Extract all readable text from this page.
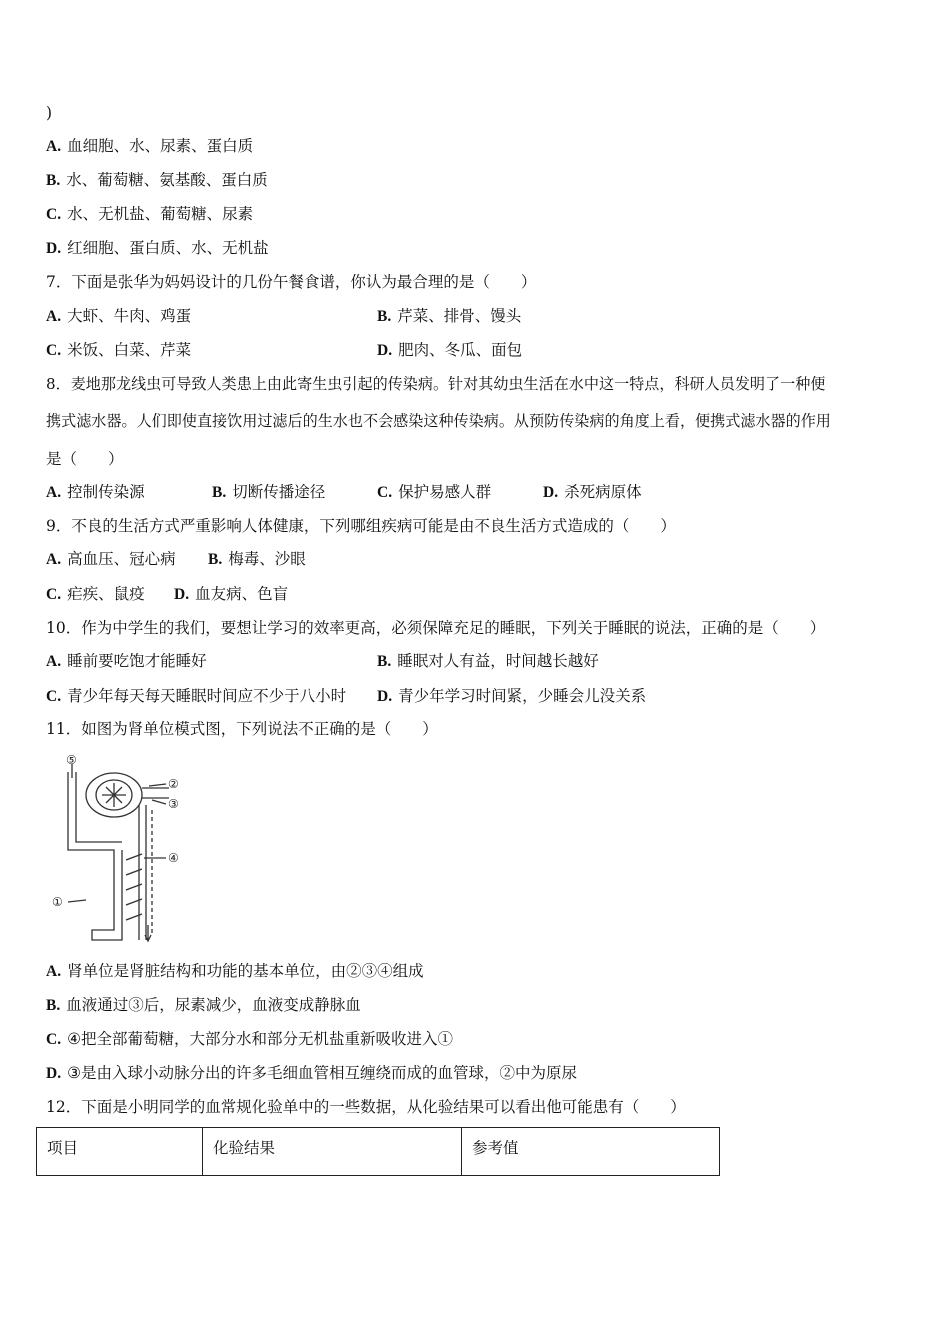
)
A. 血细胞、水、尿素、蛋白质
B. 水、葡萄糖、氨基酸、蛋白质
C. 水、无机盐、葡萄糖、尿素
D. 红细胞、蛋白质、水、无机盐
7．下面是张华为妈妈设计的几份午餐食谱，你认为最合理的是（　　）
A. 大虾、牛肉、鸡蛋	B. 芹菜、排骨、馒头
C. 米饭、白菜、芹菜	D. 肥肉、冬瓜、面包
8．麦地那龙线虫可导致人类患上由此寄生虫引起的传染病。针对其幼虫生活在水中这一特点，科研人员发明了一种便
携式滤水器。人们即使直接饮用过滤后的生水也不会感染这种传染病。从预防传染病的角度上看，便携式滤水器的作用
是（　　）
A. 控制传染源	B. 切断传播途径	C. 保护易感人群	D. 杀死病原体
9．不良的生活方式严重影响人体健康，下列哪组疾病可能是由不良生活方式造成的（　　）
A. 高血压、冠心病 B. 梅毒、沙眼
C. 疟疾、鼠疫 D. 血友病、色盲
10．作为中学生的我们，要想让学习的效率更高，必须保障充足的睡眠，下列关于睡眠的说法，正确的是（　　）
A. 睡前要吃饱才能睡好	B. 睡眠对人有益，时间越长越好
C. 青少年每天每天睡眠时间应不少于八小时 D. 青少年学习时间紧，少睡会儿没关系
11．如图为肾单位模式图，下列说法不正确的是（　　）
⑤
②
③
④
①
A. 肾单位是肾脏结构和功能的基本单位，由②③④组成
B. 血液通过③后，尿素减少，血液变成静脉血
C. ④把全部葡萄糖，大部分水和部分无机盐重新吸收进入①
D. ③是由入球小动脉分出的许多毛细血管相互缠绕而成的血管球，②中为原尿
12．下面是小明同学的血常规化验单中的一些数据，从化验结果可以看出他可能患有（　　）
项目	化验结果	参考值
